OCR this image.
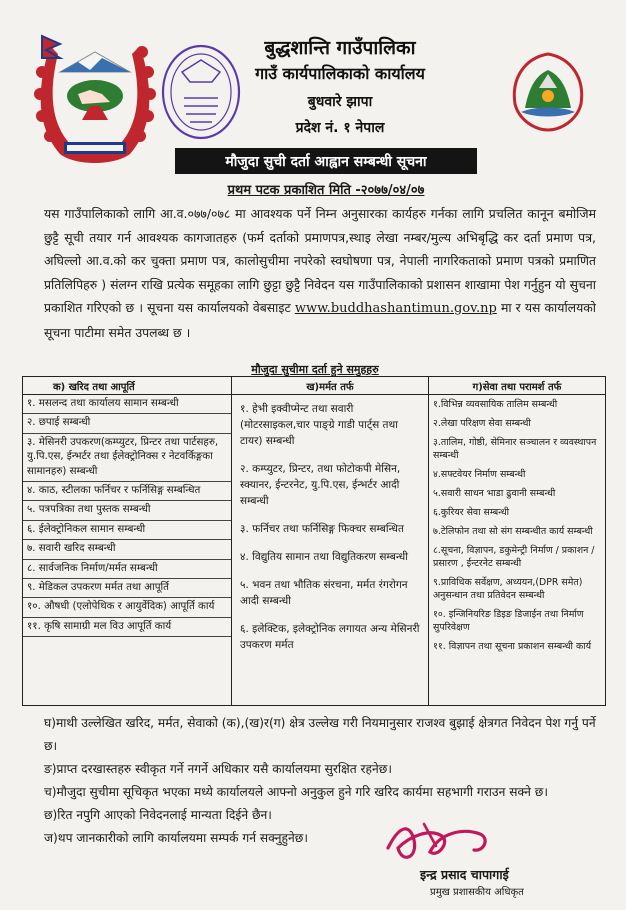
बुद्धशान्ति गाउँपालिका
गाउँ कार्यपालिकाको कार्यालय
बुधवारे झापा
प्रदेश नं. १ नेपाल
मौजुदा सुची दर्ता आह्वान सम्बन्धी सूचना
प्रथम पटक प्रकाशित मिति -२०७७/०४/०७
यस गाउँपालिकाको लागि आ.व.०७७/०७८ मा आवश्यक पर्ने निम्न अनुसारका कार्यहरु गर्नका लागि प्रचलित कानून बमोजिम छुट्टै सूची तयार गर्न आवश्यक कागजातहरु (फर्म दर्ताको प्रमाणपत्र,स्थाइ लेखा नम्बर/मुल्य अभिबृद्धि कर दर्ता प्रमाण पत्र, अघिल्लो आ.व.को कर चुक्ता प्रमाण पत्र, कालोसुचीमा नपरेको स्वघोषणा पत्र, नेपाली नागरिकताको प्रमाण पत्रको प्रमाणित प्रतिलिपिहरु ) संलग्न राखि प्रत्येक समूहका लागि छुट्टा छुट्टै निवेदन यस गाउँपालिकाको प्रशासन शाखामा पेश गर्नुहुन यो सुचना प्रकाशित गरिएको छ । सूचना यस कार्यालयको वेबसाइट www.buddhashantimun.gov.np मा र यस कार्यालयको सूचना पाटीमा समेत उपलब्ध छ ।
मौजुदा सुचीमा दर्ता हुने समुहहरु
क) खरिद तथा आपूर्ति
१. मसलन्द तथा कार्यालय सामान सम्बन्धी
२. छपाई सम्बन्धी
३. मेसिनरी उपकरण(कम्प्युटर, प्रिन्टर तथा पार्टसहरु, यु.पि.एस, ईन्भर्टर तथा ईलेक्ट्रोनिक्स र नेटवर्किङ्गका सामानहरु) सम्बन्धी
४. काठ, स्टीलका फर्निचर र फर्निसिङ्ग सम्बन्धित
५. पत्रपत्रिका तथा पुस्तक सम्बन्धी
६. ईलेक्ट्रोनिकल सामान सम्बन्धी
७. सवारी खरिद सम्बन्धी
८. सार्वजनिक निर्माण/मर्मत सम्बन्धी
९. मेडिकल उपकरण मर्मत तथा आपूर्ति
१०. औषधी (एलोपेथिक र आयुर्वेदिक) आपूर्ति कार्य
११. कृषि सामाग्री मल विउ आपूर्ति कार्य
ख)मर्मत तर्फ
१. हेभी इक्वीप्मेन्ट तथा सवारी (मोटरसाइकल,चार पाङ्ग्रे गाडी पार्ट्स तथा टायर) सम्बन्धी
२. कम्प्युटर, प्रिन्टर, तथा फोटोकपी मेसिन, स्क्यानर, ईन्टरनेट, यु.पि.एस, ईन्भर्टर आदी सम्बन्धी
३. फर्निचर तथा फर्निसिङ्ग फिक्चर सम्बन्धित
४. विद्युतिय सामान तथा विद्युतिकरण सम्बन्धी
५. भवन तथा भौतिक संरचना, मर्मत रंगरोगन आदी सम्बन्धी
६. इलेक्टिक, इलेक्ट्रोनिक लगायत अन्य मेसिनरी उपकरण मर्मत
ग)सेवा तथा परामर्श तर्फ
१.विभिन्न व्यवसायिक तालिम सम्बन्धी
२.लेखा परिक्षण सेवा सम्बन्धी
३.तालिम, गोष्ठी, सेमिनार सञ्चालन र व्यवस्थापन सम्बन्धी
४.सफ्टवेयर निर्माण सम्बन्धी
५.सवारी साधन भाडा ढुवानी सम्बन्धी
६.कुरियर सेवा सम्बन्धी
७.टेलिफोन तथा सो संग सम्बन्धीत कार्य सम्बन्धी
८.सूचना, विज्ञापन, डकुमेन्ट्री निर्माण / प्रकाशन / प्रसारण , ईन्टरनेट सम्बन्धी
९.प्राविधिक सर्वेक्षण, अध्ययन,(DPR समेत) अनुसन्धान तथा प्रतिवेदन सम्बन्धी
१०. इन्जिनियरिङ डिइङ डिजाईन तथा निर्माण सुपरिवेक्षण
११. विज्ञापन तथा सूचना प्रकाशन सम्बन्धी कार्य

घ)माथी उल्लेखित खरिद, मर्मत, सेवाको (क),(ख)र(ग) क्षेत्र उल्लेख गरी नियमानुसार राजश्व बुझाई क्षेत्रगत निवेदन पेश गर्नु पर्ने छ।

ङ)प्राप्त दरखास्तहरु स्वीकृत गर्ने नगर्ने अधिकार यसै कार्यालयमा सुरक्षित रहनेछ।

च)मौजुदा सुचीमा सूचिकृत भएका मध्ये कार्यालयले आफ्नो अनुकुल हुने गरि खरिद कार्यमा सहभागी गराउन सक्ने छ।

छ)रित नपुगि आएको निवेदनलाई मान्यता दिईने छैन।

ज)थप जानकारीको लागि कार्यालयमा सम्पर्क गर्न सक्नुहुनेछ।

इन्द्र प्रसाद चापागाई
प्रमुख प्रशासकीय अधिकृत
